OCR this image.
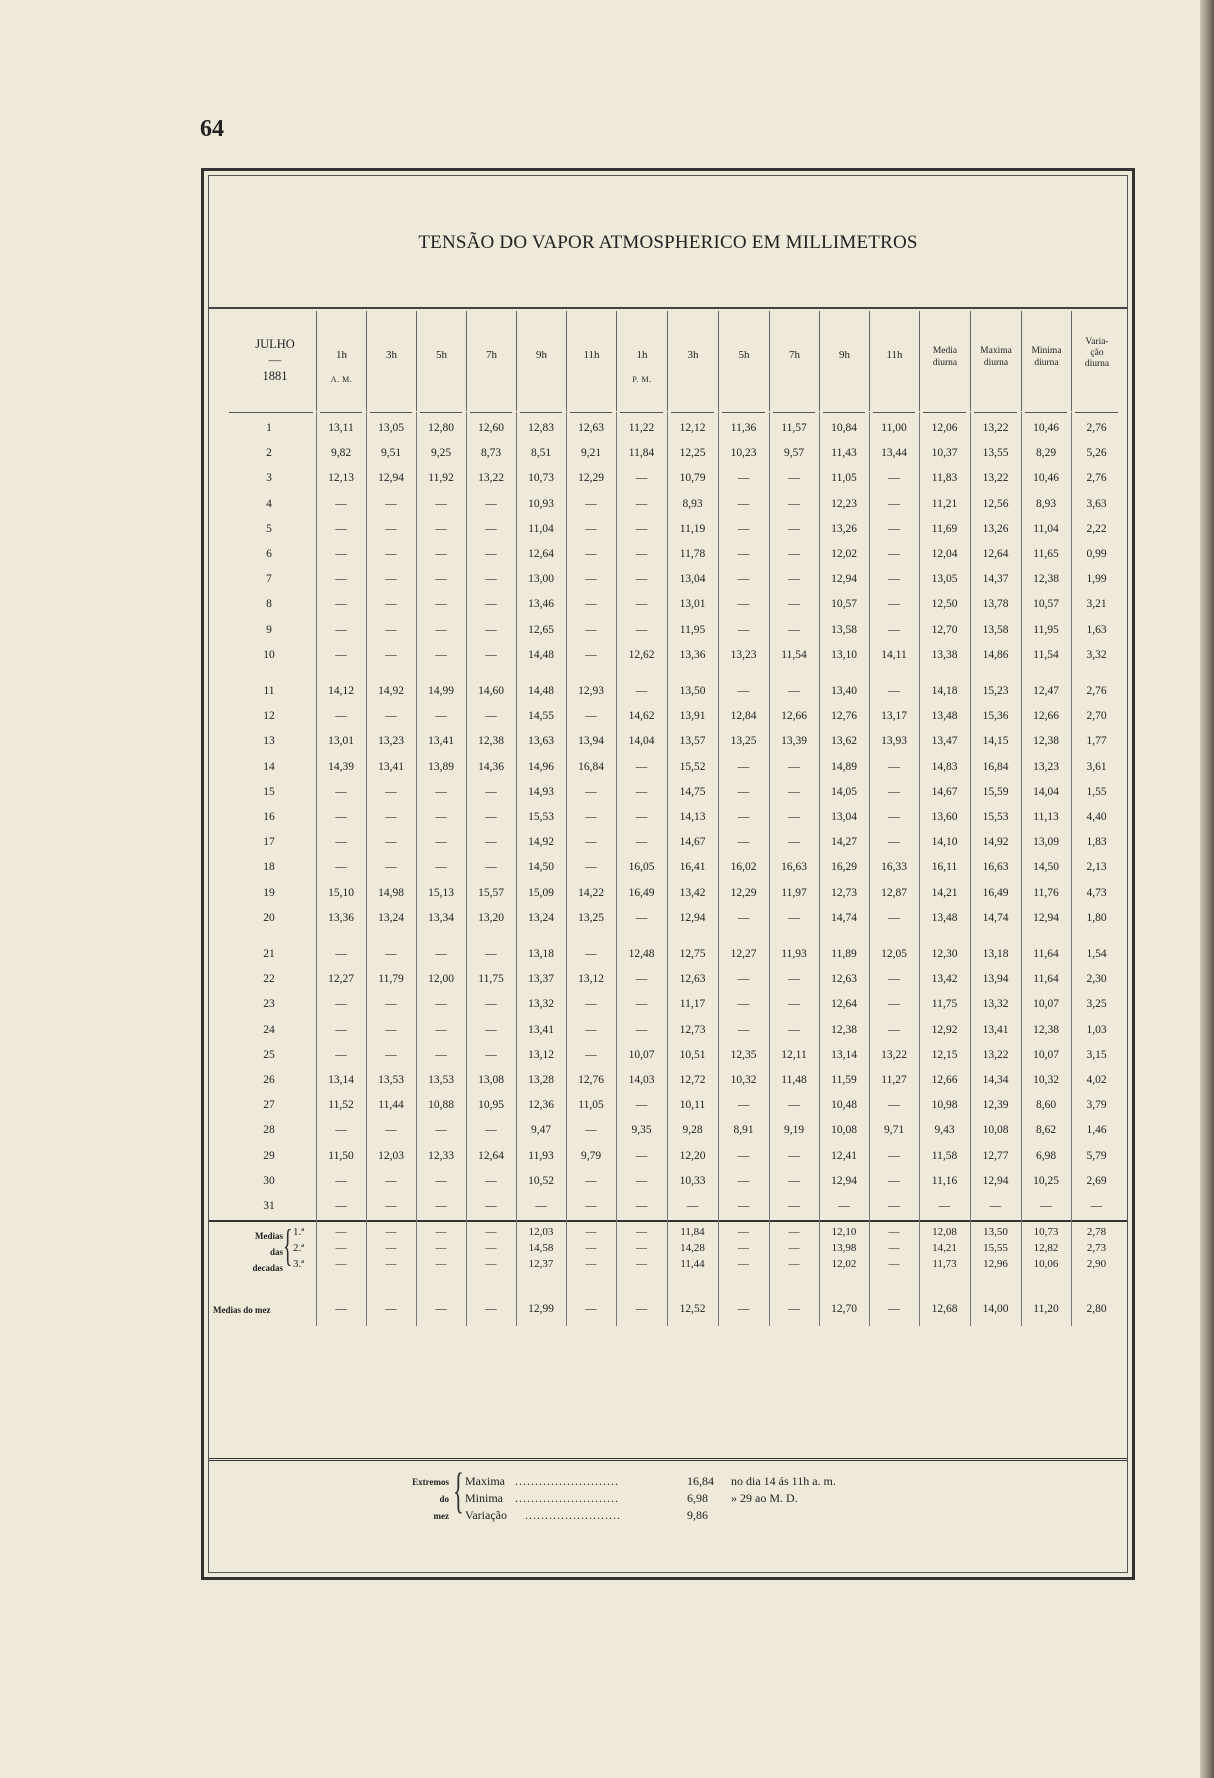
64
TENSÃO DO VAPOR ATMOSPHERICO EM MILLIMETROS
JULHO
—
1881
1h
A. M.
3h	5h	7h	9h	11h	1h
P. M.
3h	5h	7h	9h	11h	Media
diurna
Maxima
diurna
Minima
diurna
Varia-
ção
diurna
1	13,11	13,05	12,80	12,60	12,83	12,63	11,22	12,12	11,36	11,57	10,84	11,00	12,06	13,22	10,46	2,76
2	9,82	9,51	9,25	8,73	8,51	9,21	11,84	12,25	10,23	9,57	11,43	13,44	10,37	13,55	8,29	5,26
3	12,13	12,94	11,92	13,22	10,73	12,29	—	10,79	—	—	11,05	—	11,83	13,22	10,46	2,76
4	—	—	—	—	10,93	—	—	8,93	—	—	12,23	—	11,21	12,56	8,93	3,63
5	—	—	—	—	11,04	—	—	11,19	—	—	13,26	—	11,69	13,26	11,04	2,22
6	—	—	—	—	12,64	—	—	11,78	—	—	12,02	—	12,04	12,64	11,65	0,99
7	—	—	—	—	13,00	—	—	13,04	—	—	12,94	—	13,05	14,37	12,38	1,99
8	—	—	—	—	13,46	—	—	13,01	—	—	10,57	—	12,50	13,78	10,57	3,21
9	—	—	—	—	12,65	—	—	11,95	—	—	13,58	—	12,70	13,58	11,95	1,63
10	—	—	—	—	14,48	—	12,62	13,36	13,23	11,54	13,10	14,11	13,38	14,86	11,54	3,32
11	14,12	14,92	14,99	14,60	14,48	12,93	—	13,50	—	—	13,40	—	14,18	15,23	12,47	2,76
12	—	—	—	—	14,55	—	14,62	13,91	12,84	12,66	12,76	13,17	13,48	15,36	12,66	2,70
13	13,01	13,23	13,41	12,38	13,63	13,94	14,04	13,57	13,25	13,39	13,62	13,93	13,47	14,15	12,38	1,77
14	14,39	13,41	13,89	14,36	14,96	16,84	—	15,52	—	—	14,89	—	14,83	16,84	13,23	3,61
15	—	—	—	—	14,93	—	—	14,75	—	—	14,05	—	14,67	15,59	14,04	1,55
16	—	—	—	—	15,53	—	—	14,13	—	—	13,04	—	13,60	15,53	11,13	4,40
17	—	—	—	—	14,92	—	—	14,67	—	—	14,27	—	14,10	14,92	13,09	1,83
18	—	—	—	—	14,50	—	16,05	16,41	16,02	16,63	16,29	16,33	16,11	16,63	14,50	2,13
19	15,10	14,98	15,13	15,57	15,09	14,22	16,49	13,42	12,29	11,97	12,73	12,87	14,21	16,49	11,76	4,73
20	13,36	13,24	13,34	13,20	13,24	13,25	—	12,94	—	—	14,74	—	13,48	14,74	12,94	1,80
21	—	—	—	—	13,18	—	12,48	12,75	12,27	11,93	11,89	12,05	12,30	13,18	11,64	1,54
22	12,27	11,79	12,00	11,75	13,37	13,12	—	12,63	—	—	12,63	—	13,42	13,94	11,64	2,30
23	—	—	—	—	13,32	—	—	11,17	—	—	12,64	—	11,75	13,32	10,07	3,25
24	—	—	—	—	13,41	—	—	12,73	—	—	12,38	—	12,92	13,41	12,38	1,03
25	—	—	—	—	13,12	—	10,07	10,51	12,35	12,11	13,14	13,22	12,15	13,22	10,07	3,15
26	13,14	13,53	13,53	13,08	13,28	12,76	14,03	12,72	10,32	11,48	11,59	11,27	12,66	14,34	10,32	4,02
27	11,52	11,44	10,88	10,95	12,36	11,05	—	10,11	—	—	10,48	—	10,98	12,39	8,60	3,79
28	—	—	—	—	9,47	—	9,35	9,28	8,91	9,19	10,08	9,71	9,43	10,08	8,62	1,46
29	11,50	12,03	12,33	12,64	11,93	9,79	—	12,20	—	—	12,41	—	11,58	12,77	6,98	5,79
30	—	—	—	—	10,52	—	—	10,33	—	—	12,94	—	11,16	12,94	10,25	2,69
31	—	—	—	—	—	—	—	—	—	—	—	—	—	—	—	—
Medias
das
decadas { 1.ª	—	—	—	—	12,03	—	—	11,84	—	—	12,10	—	12,08	13,50	10,73	2,78
2.ª	—	—	—	—	14,58	—	—	14,28	—	—	13,98	—	14,21	15,55	12,82	2,73
3.ª	—	—	—	—	12,37	—	—	11,44	—	—	12,02	—	11,73	12,96	10,06	2,90
Medias do mez	—	—	—	—	12,99	—	—	12,52	—	—	12,70	—	12,68	14,00	11,20	2,80
Extremos
do
mez { Maxima ..........................	16,84 no dia 14 ás 11h a. m.
Minima ..........................	6,98 » 29 ao M. D.
Variação ........................	9,86
